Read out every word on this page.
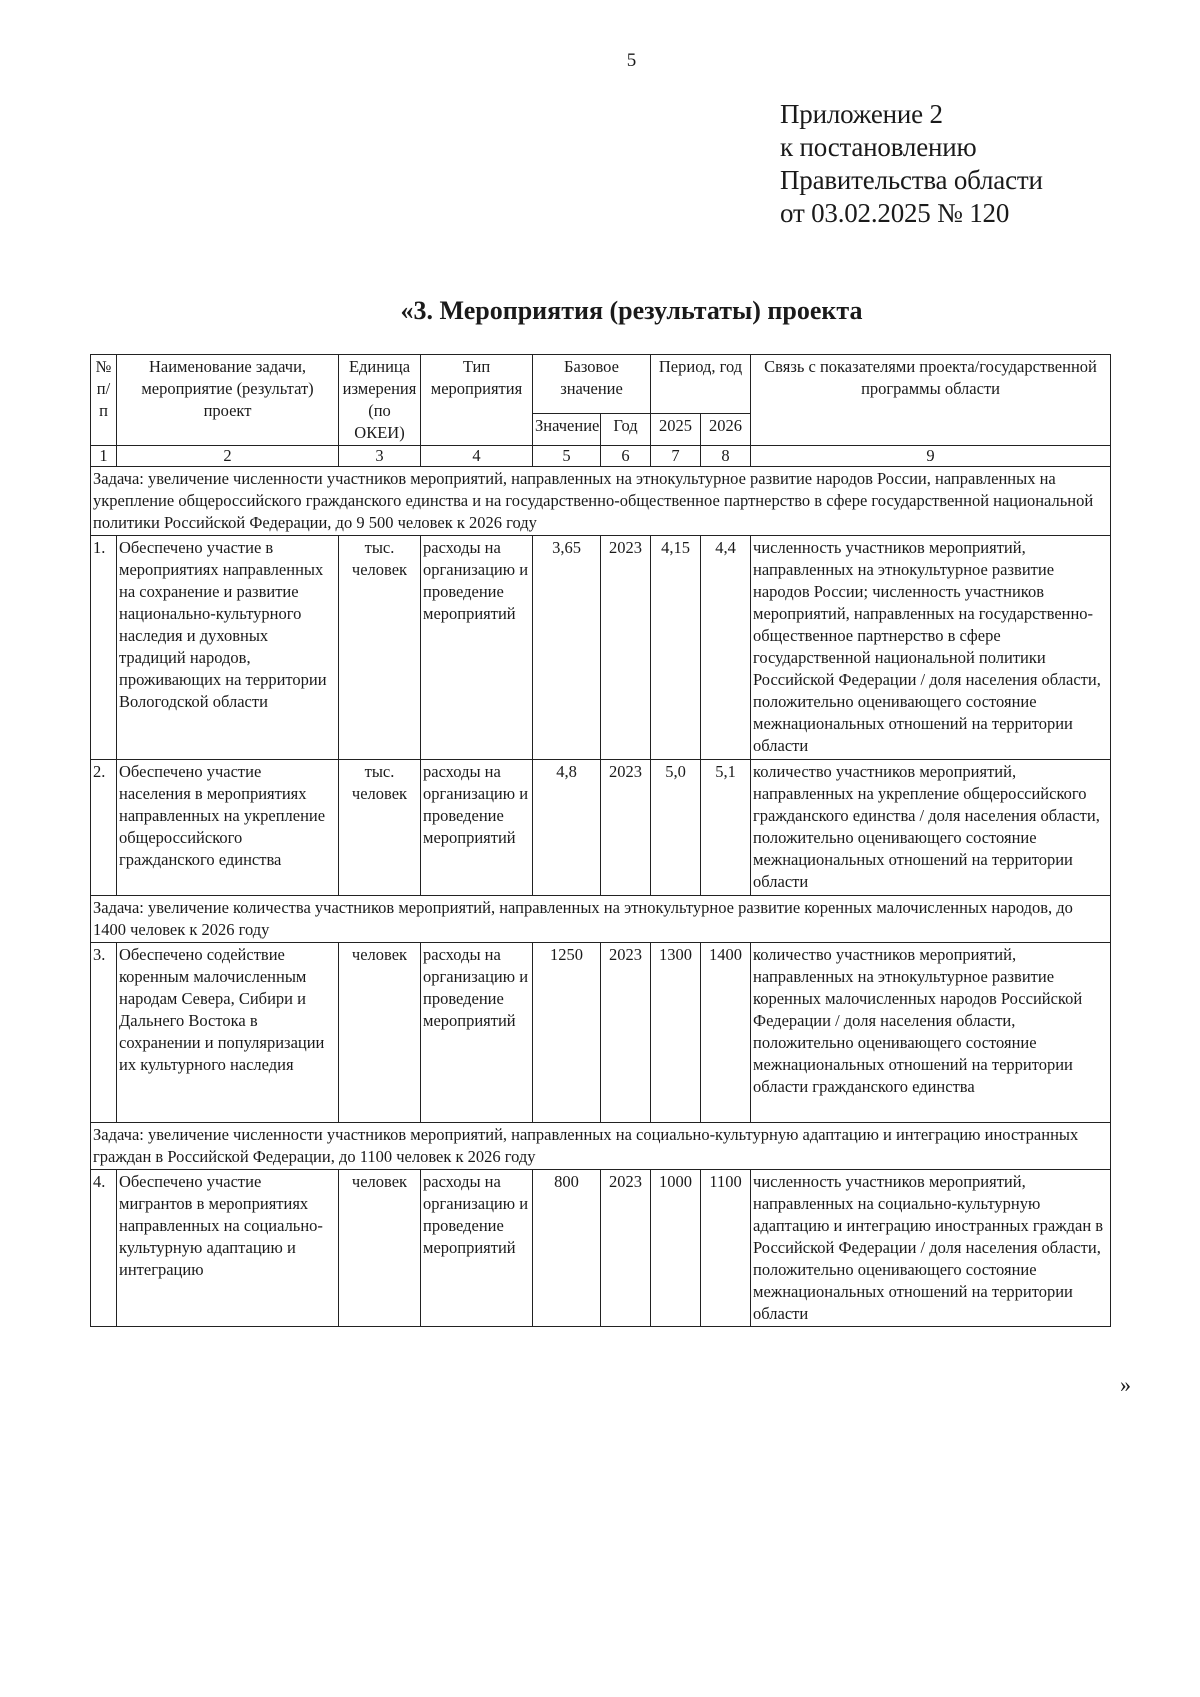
5
Приложение 2
к постановлению
Правительства области
от 03.02.2025 № 120
«3. Мероприятия (результаты) проекта
№ п/п	Наименование задачи, мероприятие (результат) проект	Единица измерения (по ОКЕИ)	Тип мероприятия	Базовое значение		Период, год		Связь с показателями проекта/государственной программы области
				Значение	Год	2025	2026	
1	2	3	4	5	6	7	8	9
Задача: увеличение численности участников мероприятий, направленных на этнокультурное развитие народов России, направленных на укрепление общероссийского гражданского единства и на государственно-общественное партнерство в сфере государственной национальной политики Российской Федерации, до 9 500 человек к 2026 году								
1.	Обеспечено участие в мероприятиях направленных на сохранение и развитие национально-культурного наследия и духовных традиций народов, проживающих на территории Вологодской области	тыс. человек	расходы на организацию и проведение мероприятий	3,65	2023	4,15	4,4	численность участников мероприятий, направленных на этнокультурное развитие народов России; численность участников мероприятий, направленных на государственно-общественное партнерство в сфере государственной национальной политики Российской Федерации / доля населения области, положительно оценивающего состояние межнациональных отношений на территории области
2.	Обеспечено участие населения в мероприятиях направленных на укрепление общероссийского гражданского единства	тыс. человек	расходы на организацию и проведение мероприятий	4,8	2023	5,0	5,1	количество участников мероприятий, направленных на укрепление общероссийского гражданского единства / доля населения области, положительно оценивающего состояние межнациональных отношений на территории области
Задача: увеличение количества участников мероприятий, направленных на этнокультурное развитие коренных малочисленных народов, до 1400 человек к 2026 году								
3.	Обеспечено содействие коренным малочисленным народам Севера, Сибири и Дальнего Востока в сохранении и популяризации их культурного наследия	человек	расходы на организацию и проведение мероприятий	1250	2023	1300	1400	количество участников мероприятий, направленных на этнокультурное развитие коренных малочисленных народов Российской Федерации / доля населения области, положительно оценивающего состояние межнациональных отношений на территории области гражданского единства
Задача: увеличение численности участников мероприятий, направленных на социально-культурную адаптацию и интеграцию иностранных граждан в Российской Федерации, до 1100 человек к 2026 году								
4.	Обеспечено участие мигрантов в мероприятиях направленных на социально-культурную адаптацию и интеграцию	человек	расходы на организацию и проведение мероприятий	800	2023	1000	1100	численность участников мероприятий, направленных на социально-культурную адаптацию и интеграцию иностранных граждан в Российской Федерации / доля населения области, положительно оценивающего состояние межнациональных отношений на территории области
»
